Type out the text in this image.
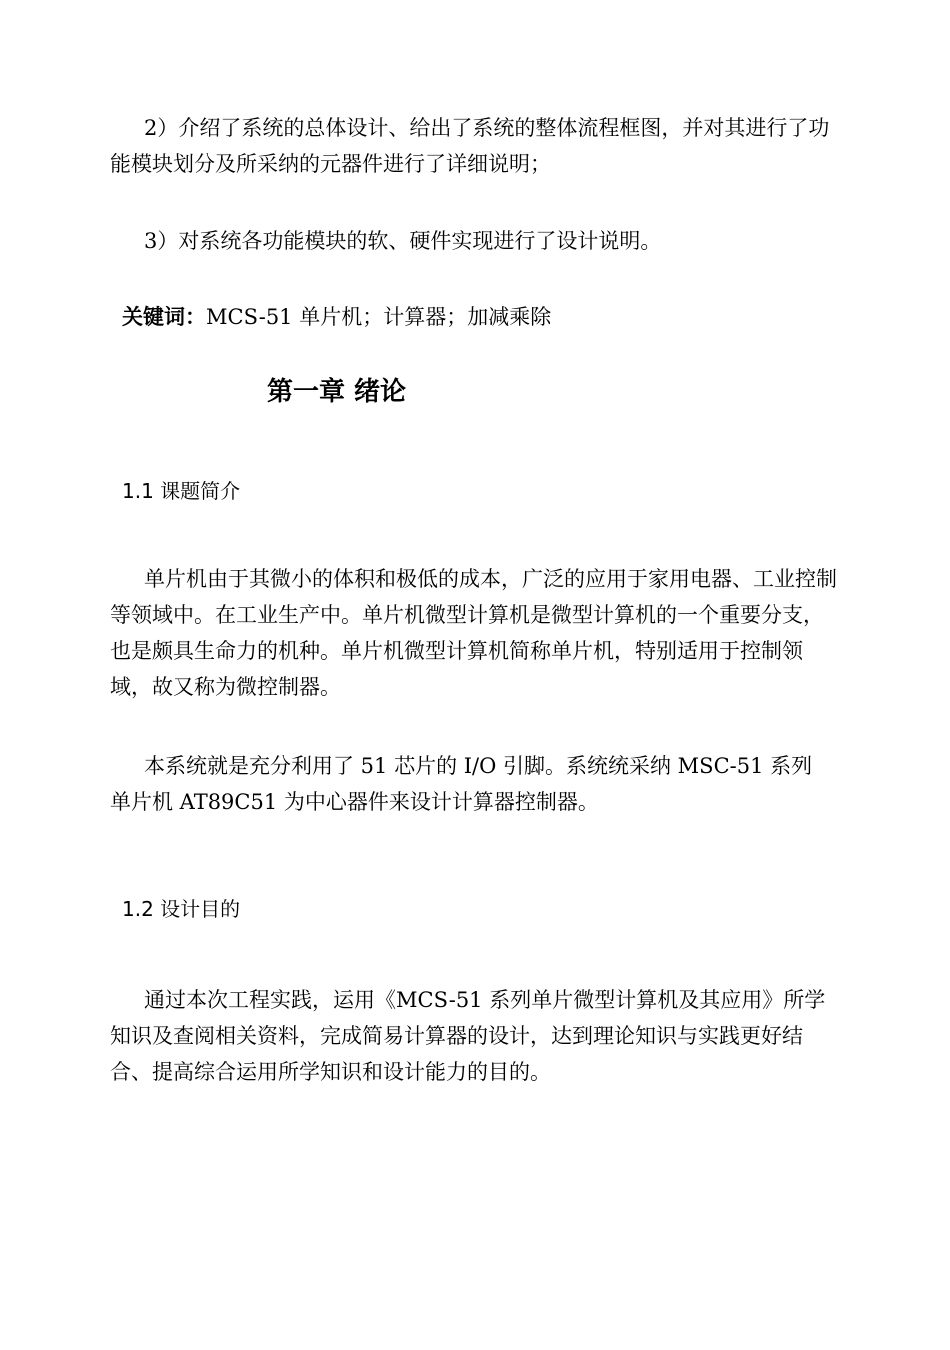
2）介绍了系统的总体设计、给出了系统的整体流程框图，并对其进行了功能模块划分及所采纳的元器件进行了详细说明；

3）对系统各功能模块的软、硬件实现进行了设计说明。

关键词：MCS-51 单片机；计算器；加减乘除
第一章 绪论
1.1 课题简介

单片机由于其微小的体积和极低的成本，广泛的应用于家用电器、工业控制等领域中。在工业生产中。单片机微型计算机是微型计算机的一个重要分支，也是颇具生命力的机种。单片机微型计算机简称单片机，特别适用于控制领域，故又称为微控制器。

本系统就是充分利用了 51 芯片的 I/O 引脚。系统统采纳 MSC-51 系列

单片机 AT89C51 为中心器件来设计计算器控制器。

1.2 设计目的

通过本次工程实践，运用《MCS-51 系列单片微型计算机及其应用》所学知识及查阅相关资料，完成简易计算器的设计，达到理论知识与实践更好结合、提高综合运用所学知识和设计能力的目的。
